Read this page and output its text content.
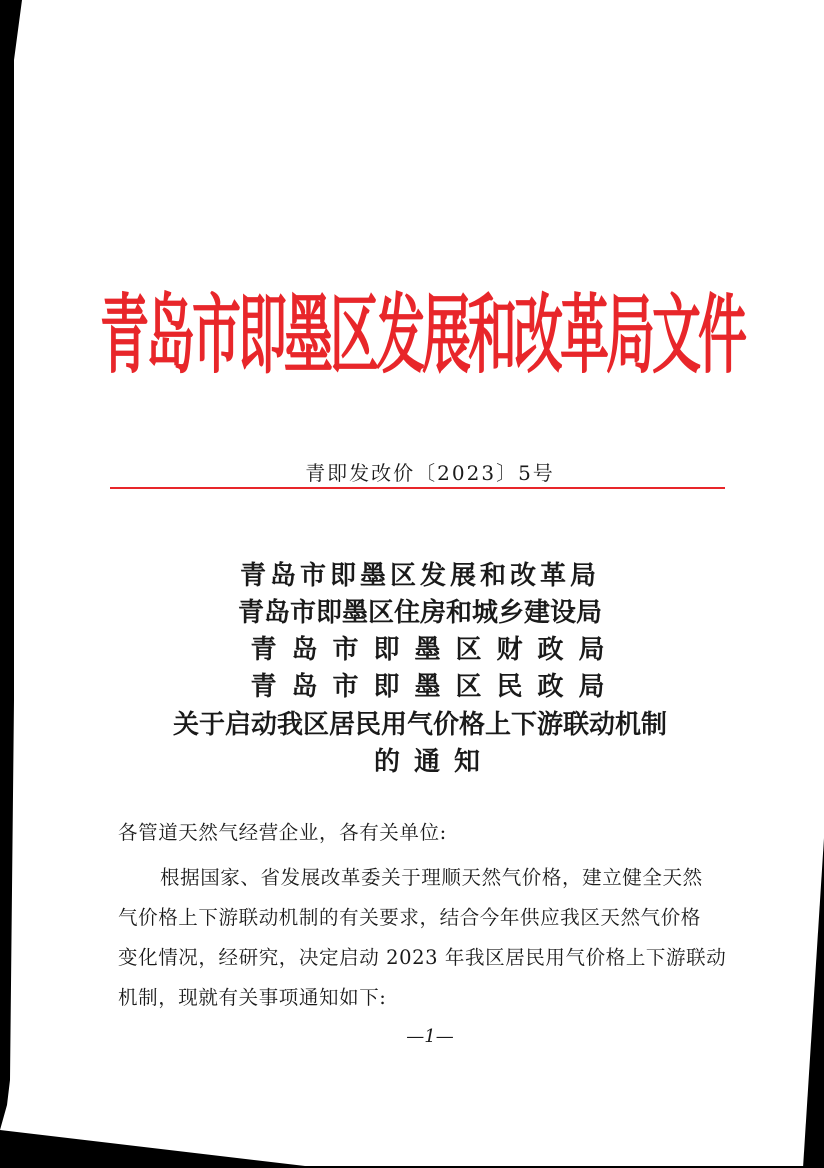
青岛市即墨区发展和改革局文件
青即发改价〔2023〕5号
青岛市即墨区发展和改革局
青岛市即墨区住房和城乡建设局
青岛市即墨区财政局
青岛市即墨区民政局
关于启动我区居民用气价格上下游联动机制
的通知
各管道天然气经营企业，各有关单位:
根据国家、省发展改革委关于理顺天然气价格，建立健全天然
气价格上下游联动机制的有关要求，结合今年供应我区天然气价格
变化情况，经研究，决定启动 2023 年我区居民用气价格上下游联动
机制，现就有关事项通知如下:
—1—
